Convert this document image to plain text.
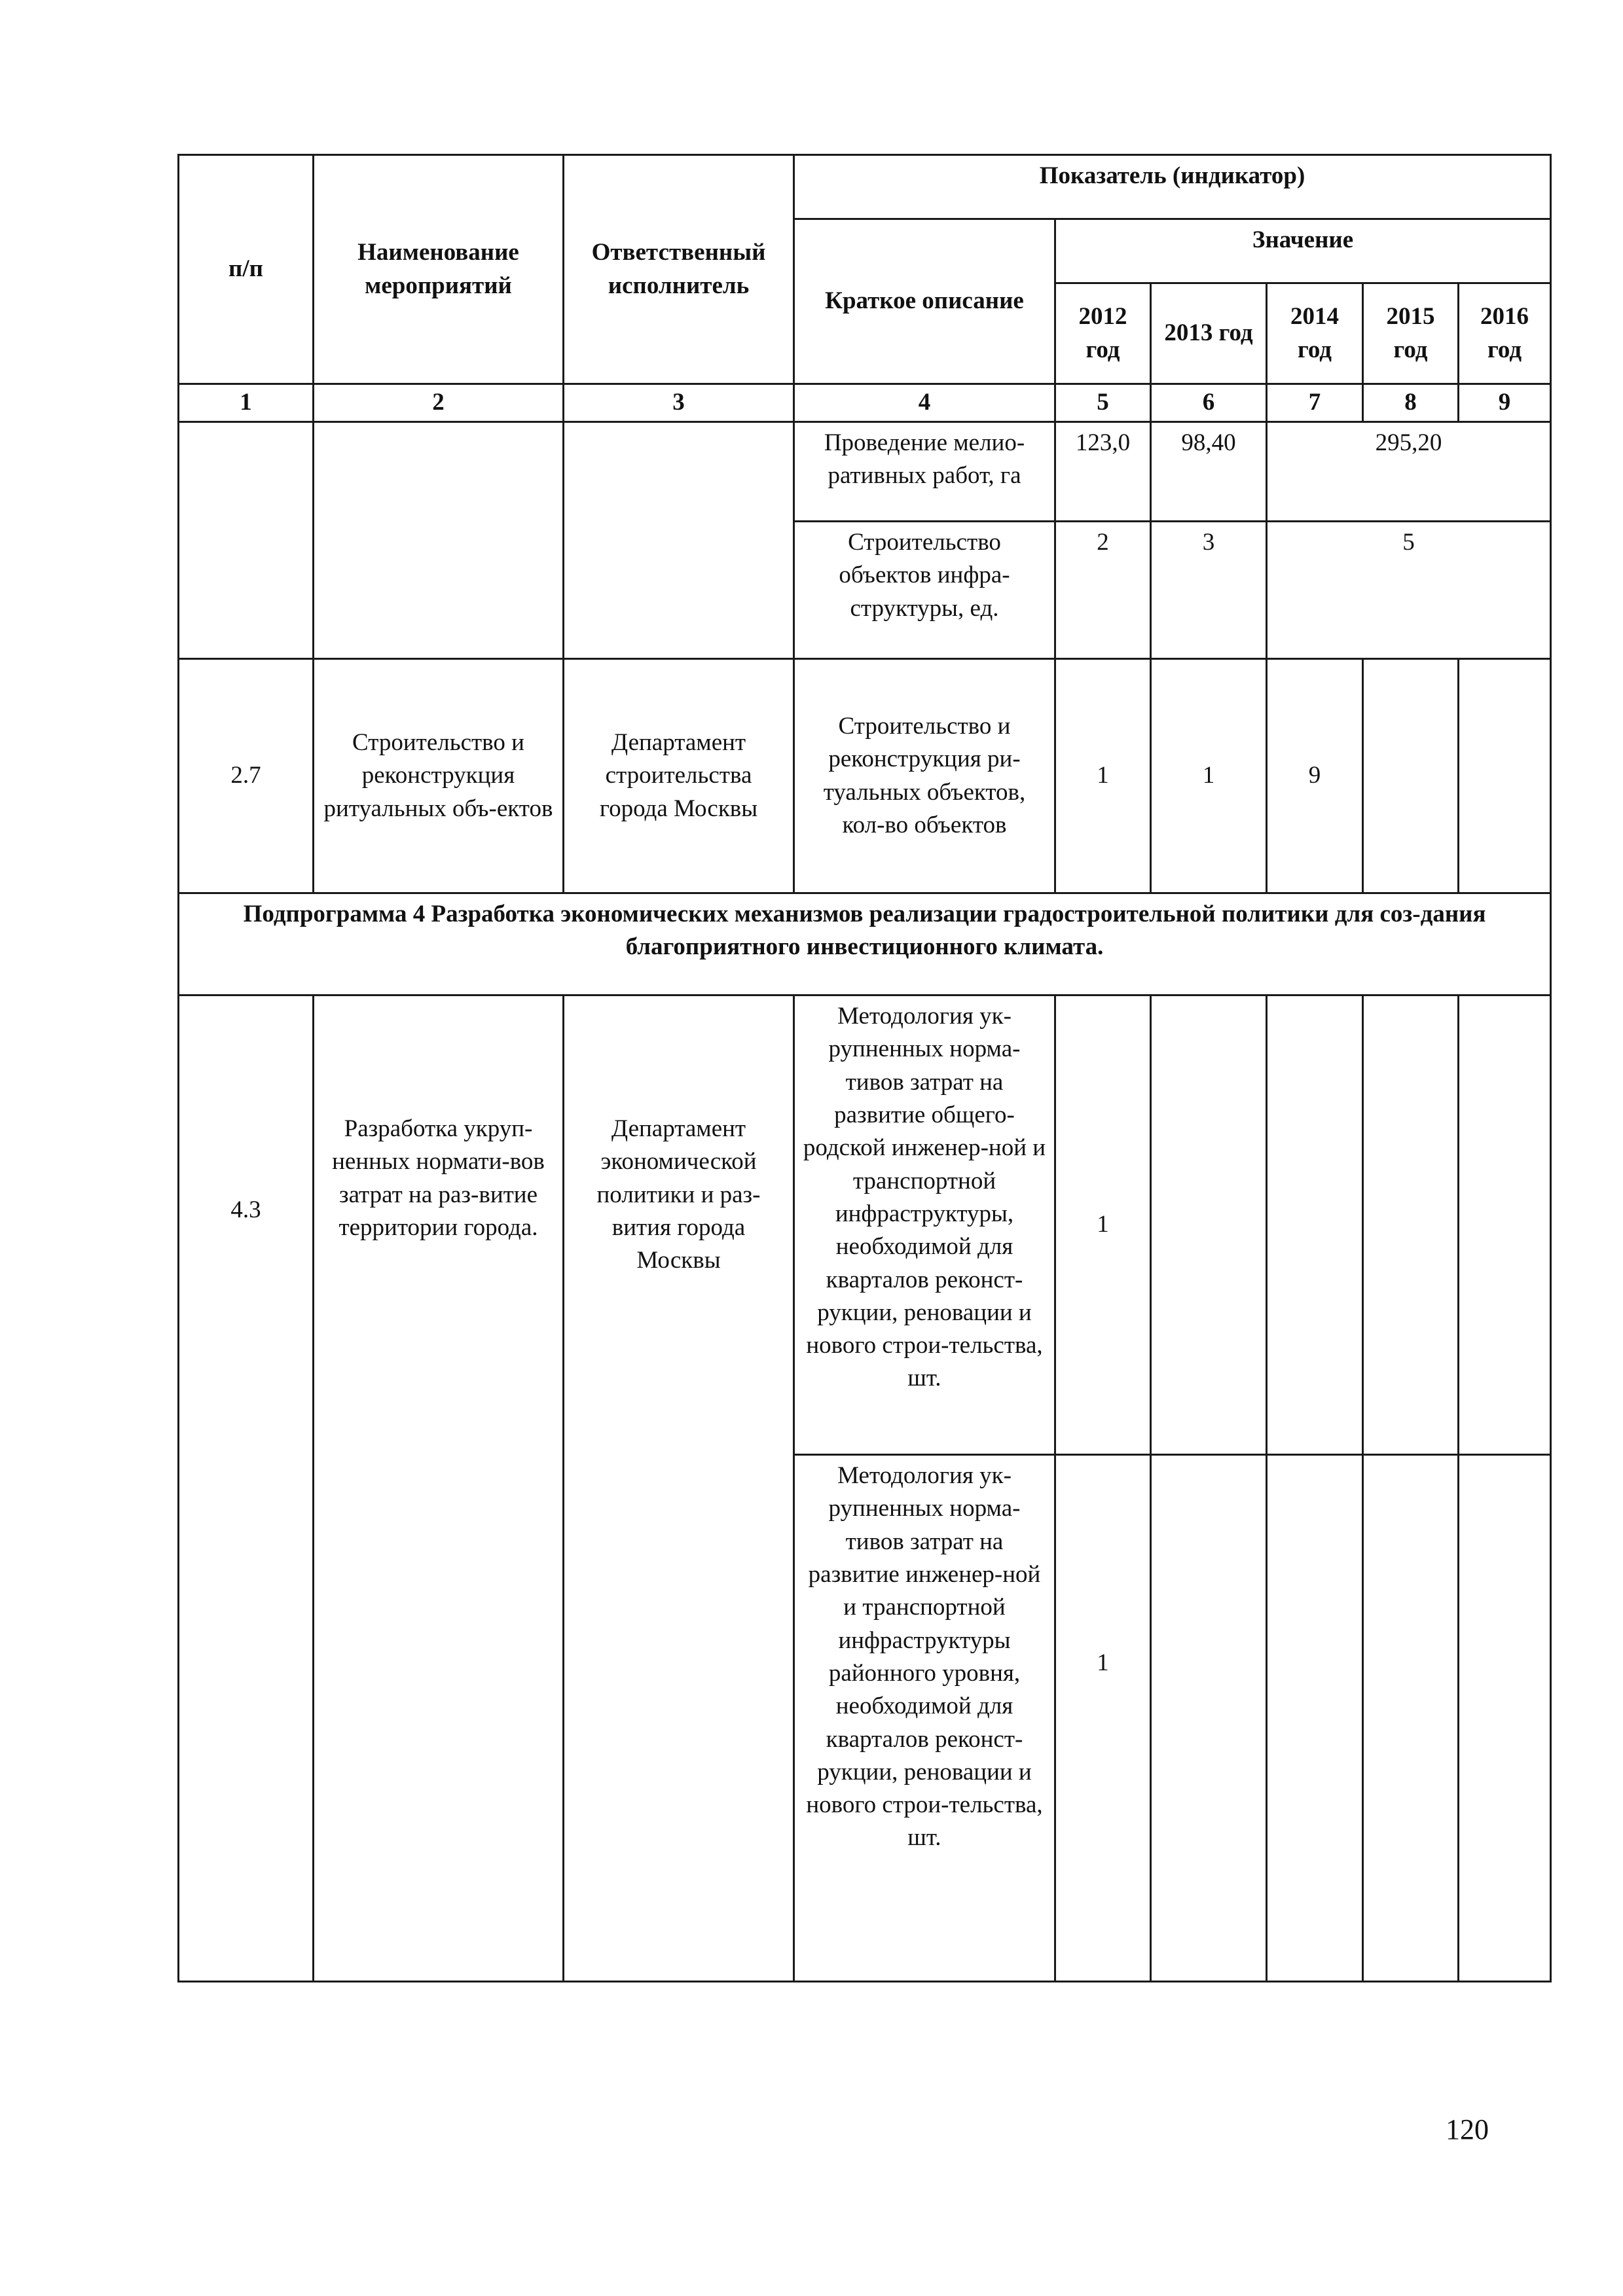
п/п	Наименование мероприятий	Ответственный исполнитель	Показатель (индикатор)					
			Краткое описание	Значение				
				2012 год	2013 год	2014 год	2015 год	2016 год
1	2	3	4	5	6	7	8	9
			Проведение мелио-ративных работ, га	123,0	98,40	295,20		
			Строительство объектов инфра-структуры, ед.	2	3	5		
2.7	Строительство и реконструкция ритуальных объ-ектов	Департамент строительства города Москвы	Строительство и реконструкция ри-туальных объектов, кол-во объектов	1	1	9		
Подпрограмма 4 Разработка экономических механизмов реализации градостроительной политики для соз-дания благоприятного инвестиционного климата.								
4.3	Разработка укруп-ненных нормати-вов затрат на раз-витие территории города.	Департамент экономической политики и раз-вития города Москвы	Методология ук-рупненных норма-тивов затрат на развитие общего-родской инженер-ной и транспортной инфраструктуры, необходимой для кварталов реконст-рукции, реновации и нового строи-тельства, шт.	1				
			Методология ук-рупненных норма-тивов затрат на развитие инженер-ной и транспортной инфраструктуры районного уровня, необходимой для кварталов реконст-рукции, реновации и нового строи-тельства, шт.	1				
120
